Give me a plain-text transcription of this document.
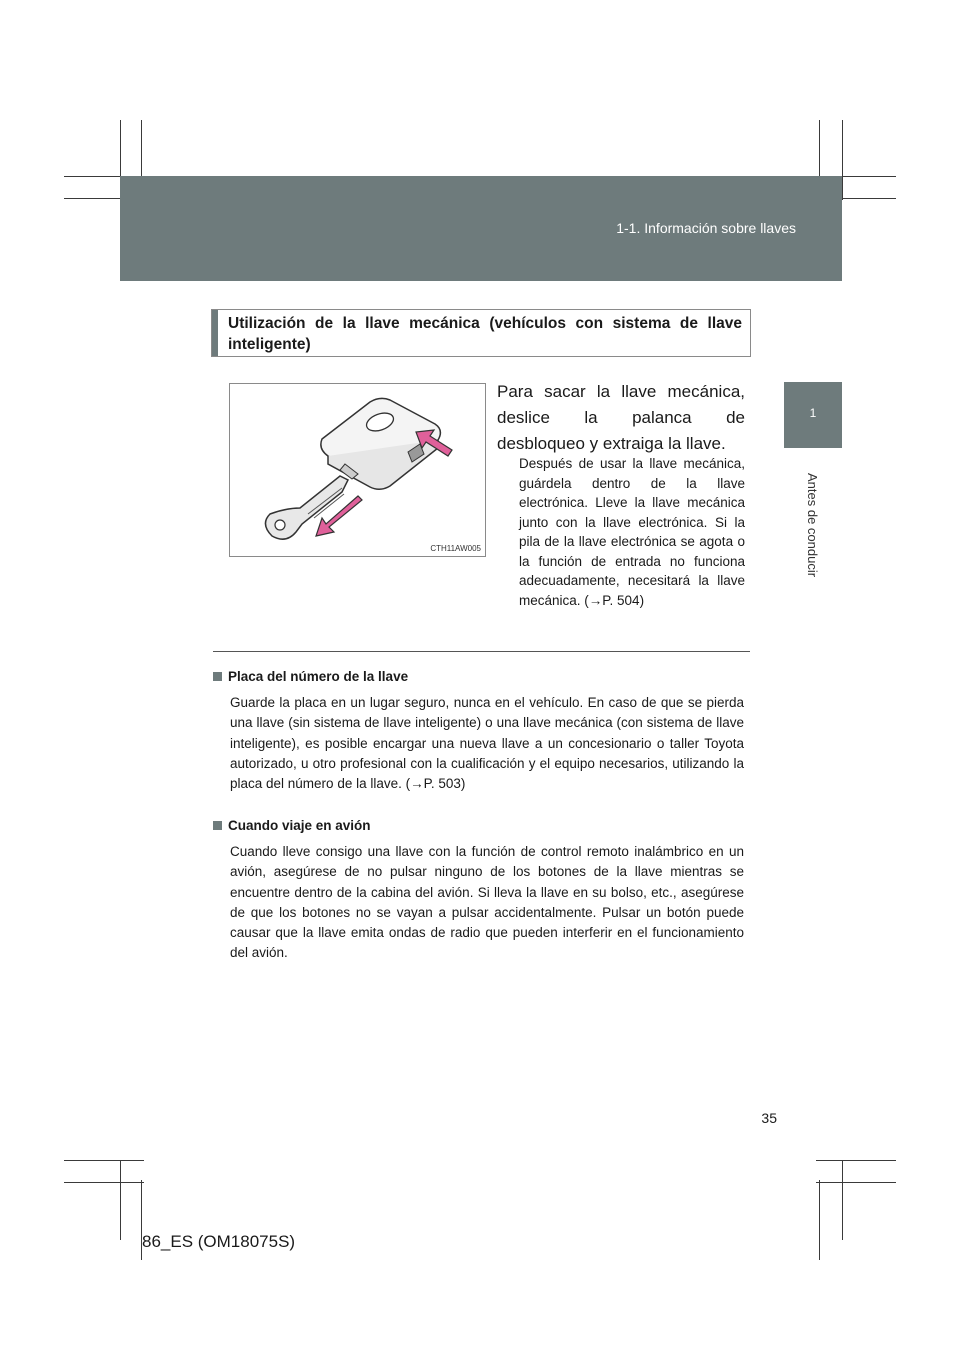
1-1. Información sobre llaves
1
Antes de conducir
Utilización de la llave mecánica (vehículos con sistema de llave inteligente)
CTH11AW005
Para sacar la llave mecánica, deslice la palanca de desbloqueo y extraiga la llave.
Después de usar la llave mecánica, guárdela dentro de la llave electrónica. Lleve la llave mecánica junto con la llave electrónica. Si la pila de la llave electrónica se agota o la función de entrada no funciona adecuadamente, necesitará la llave mecánica. (→P. 504)
Placa del número de la llave
Guarde la placa en un lugar seguro, nunca en el vehículo. En caso de que se pierda una llave (sin sistema de llave inteligente) o una llave mecánica (con sistema de llave inteligente), es posible encargar una nueva llave a un concesionario o taller Toyota autorizado, u otro profesional con la cualificación y el equipo necesarios, utilizando la placa del número de la llave. (→P. 503)
Cuando viaje en avión
Cuando lleve consigo una llave con la función de control remoto inalámbrico en un avión, asegúrese de no pulsar ninguno de los botones de la llave mientras se encuentre dentro de la cabina del avión. Si lleva la llave en su bolso, etc., asegúrese de que los botones no se vayan a pulsar accidentalmente. Pulsar un botón puede causar que la llave emita ondas de radio que pueden interferir en el funcionamiento del avión.
35
86_ES (OM18075S)
